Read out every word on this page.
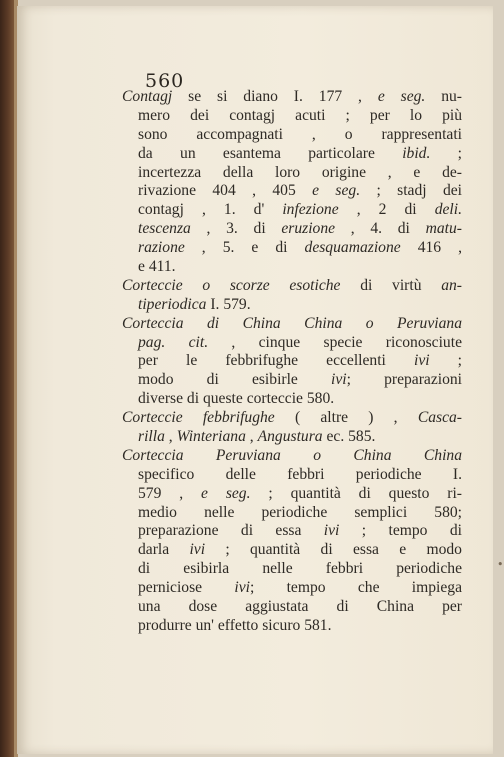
560
•
Contagj se si diano I. 177 , e seg. nu-
mero dei contagj acuti ; per lo più
sono accompagnati , o rappresentati
da un esantema particolare ibid. ;
incertezza della loro origine , e de-
rivazione 404 , 405 e seg. ; stadj dei
contagj , 1. d' infezione , 2 di deli.
tescenza , 3. di eruzione , 4. di matu-
razione , 5. e di desquamazione 416 ,
e 411.
Corteccie o scorze esotiche di virtù an-
tiperiodica I. 579.
Corteccia di China China o Peruviana
pag. cit. , cinque specie riconosciute
per le febbrifughe eccellenti ivi ;
modo di esibirle ivi; preparazioni
diverse di queste corteccie 580.
Corteccie febbrifughe ( altre ) , Casca-
rilla , Winteriana , Angustura ec. 585.
Corteccia Peruviana o China China
specifico delle febbri periodiche I.
579 , e seg. ; quantità di questo ri-
medio nelle periodiche semplici 580;
preparazione di essa ivi ; tempo di
darla ivi ; quantità di essa e modo
di esibirla nelle febbri periodiche
perniciose ivi; tempo che impiega
una dose aggiustata di China per
produrre un' effetto sicuro 581.
